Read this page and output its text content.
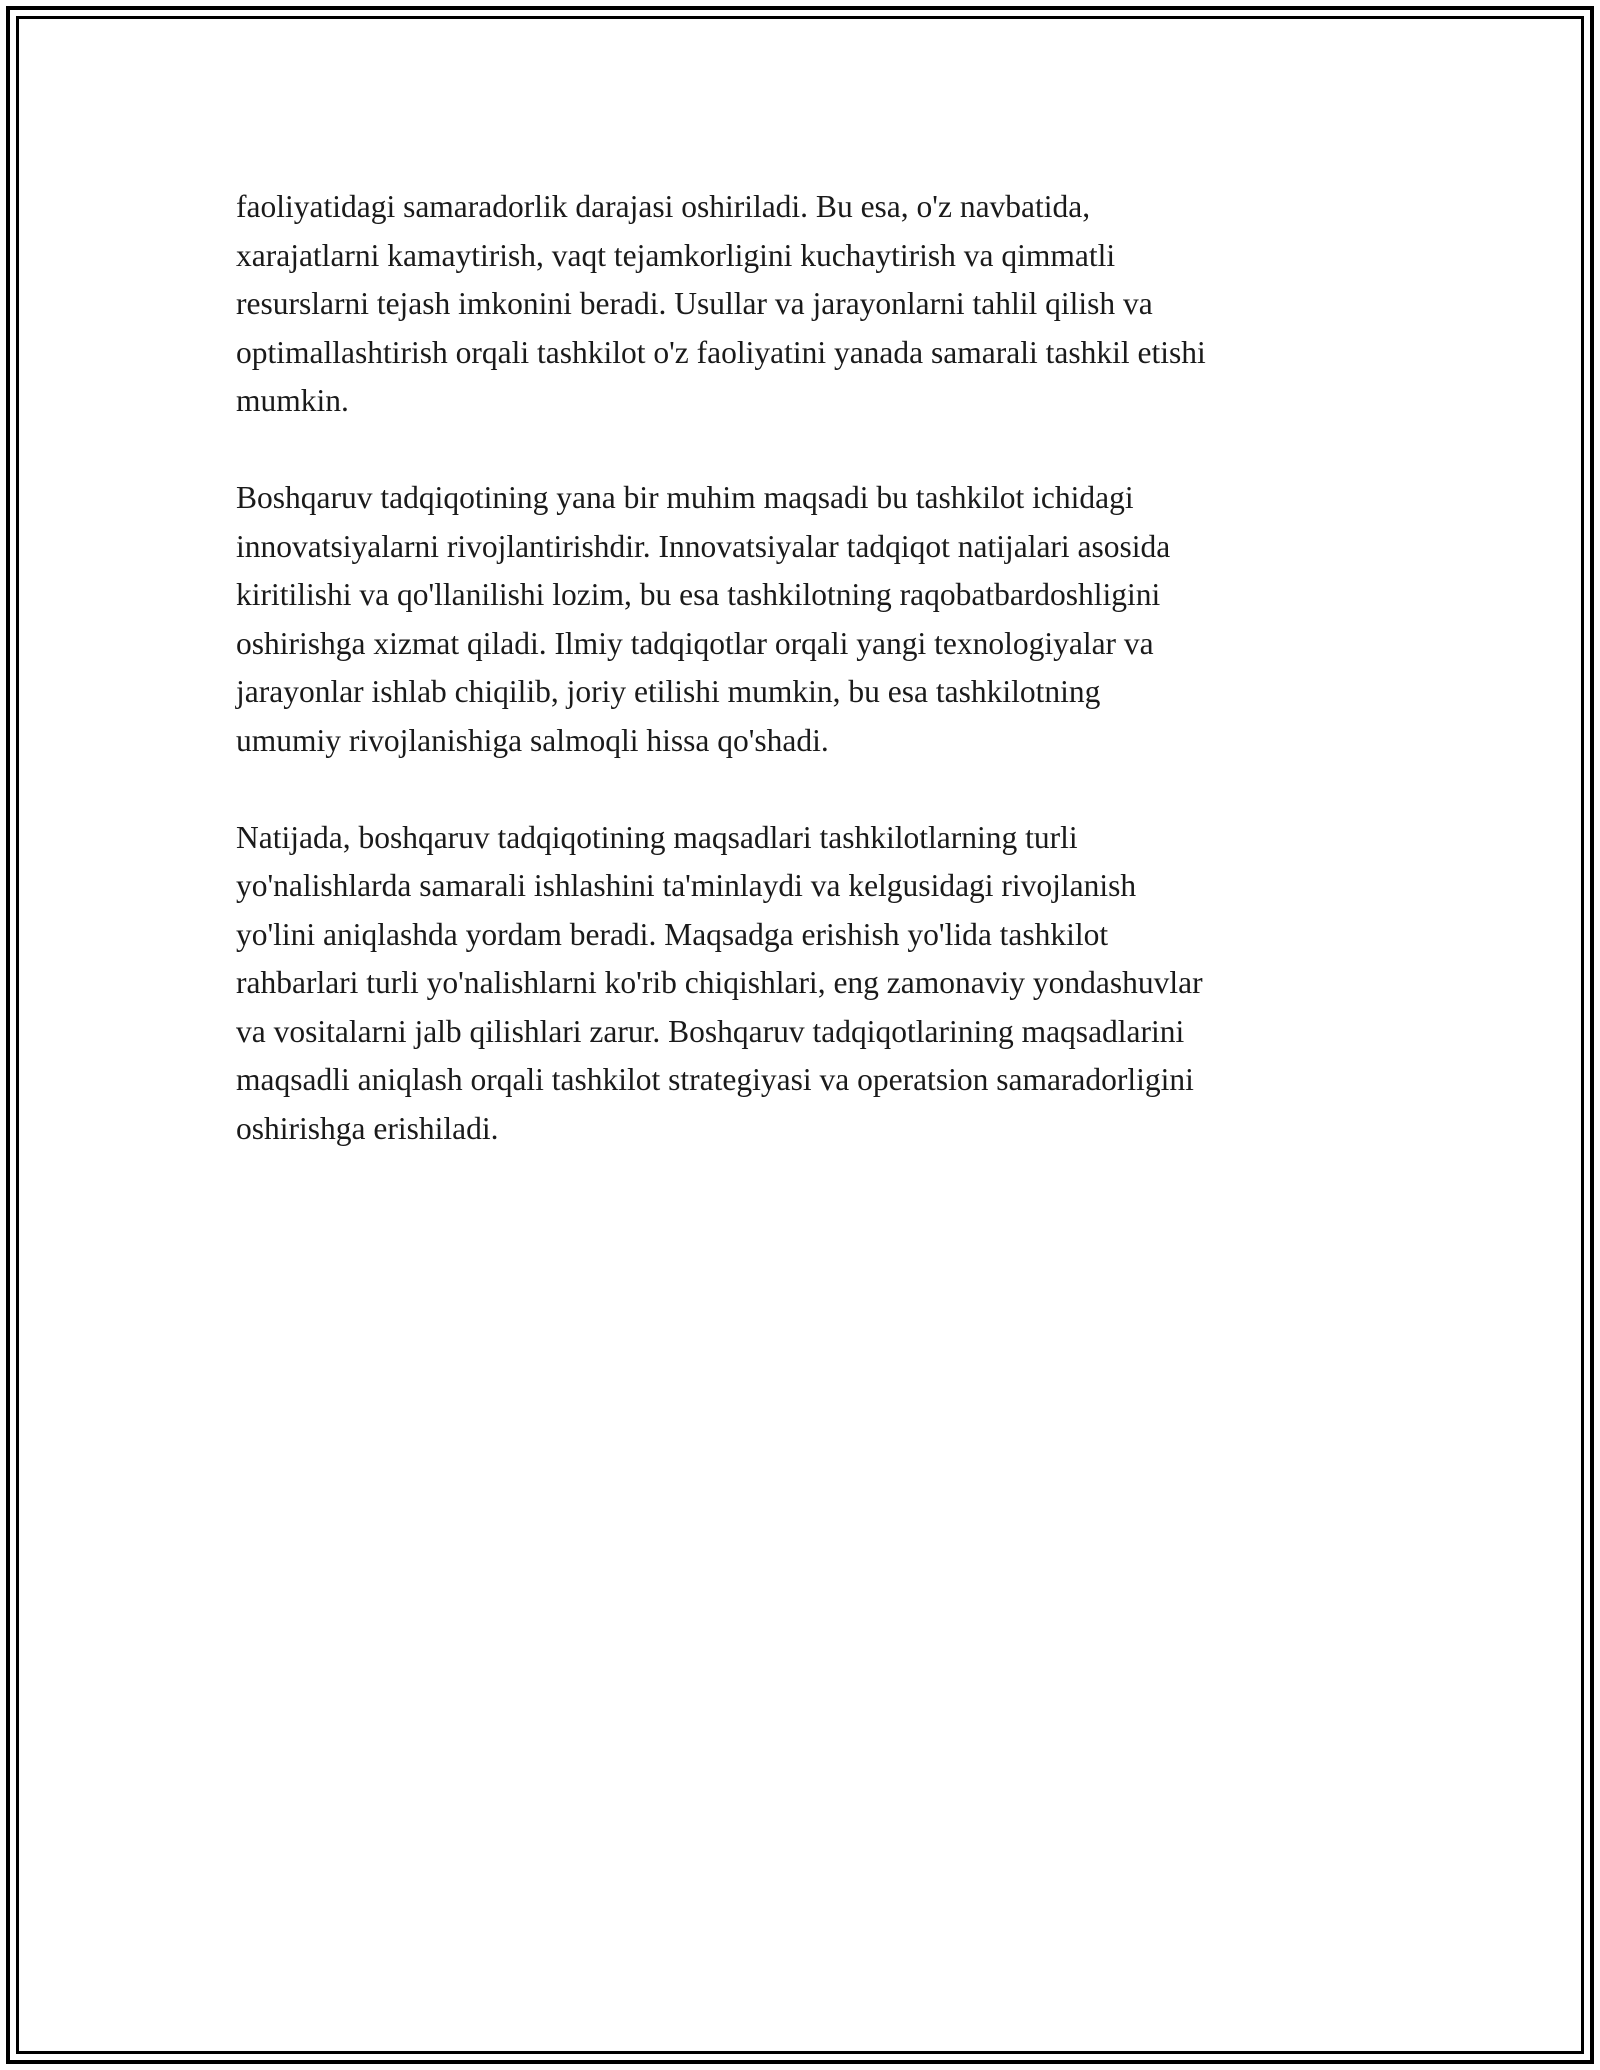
faoliyatidagi samaradorlik darajasi oshiriladi. Bu esa, o'z navbatida,
xarajatlarni kamaytirish, vaqt tejamkorligini kuchaytirish va qimmatli
resurslarni tejash imkonini beradi. Usullar va jarayonlarni tahlil qilish va
optimallashtirish orqali tashkilot o'z faoliyatini yanada samarali tashkil etishi
mumkin.

Boshqaruv tadqiqotining yana bir muhim maqsadi bu tashkilot ichidagi
innovatsiyalarni rivojlantirishdir. Innovatsiyalar tadqiqot natijalari asosida
kiritilishi va qo'llanilishi lozim, bu esa tashkilotning raqobatbardoshligini
oshirishga xizmat qiladi. Ilmiy tadqiqotlar orqali yangi texnologiyalar va
jarayonlar ishlab chiqilib, joriy etilishi mumkin, bu esa tashkilotning
umumiy rivojlanishiga salmoqli hissa qo'shadi.

Natijada, boshqaruv tadqiqotining maqsadlari tashkilotlarning turli
yo'nalishlarda samarali ishlashini ta'minlaydi va kelgusidagi rivojlanish
yo'lini aniqlashda yordam beradi. Maqsadga erishish yo'lida tashkilot
rahbarlari turli yo'nalishlarni ko'rib chiqishlari, eng zamonaviy yondashuvlar
va vositalarni jalb qilishlari zarur. Boshqaruv tadqiqotlarining maqsadlarini
maqsadli aniqlash orqali tashkilot strategiyasi va operatsion samaradorligini
oshirishga erishiladi.
